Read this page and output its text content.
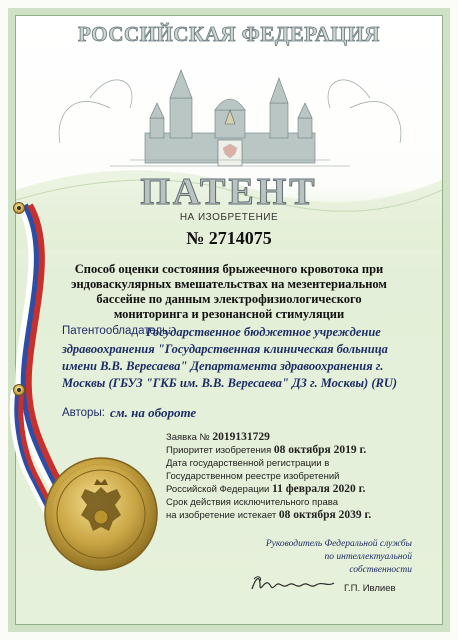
РОССИЙСКАЯ ФЕДЕРАЦИЯ
ПАТЕНТ
НА ИЗОБРЕТЕНИЕ
№ 2714075
Способ оценки состояния брыжеечного кровотока при эндоваскулярных вмешательствах на мезентериальном бассейне по данным электрофизиологического мониторинга и резонансной стимуляции
Патентообладатель:
Государственное бюджетное учреждение здравоохранения "Государственная клиническая больница имени В.В. Вересаева" Департамента здравоохранения г. Москвы (ГБУЗ "ГКБ им. В.В. Вересаева" ДЗ г. Москвы) (RU)
Авторы: см. на обороте
Заявка № 2019131729
Приоритет изобретения 08 октября 2019 г.
Дата государственной регистрации в
Государственном реестре изобретений
Российской Федерации 11 февраля 2020 г.
Срок действия исключительного права
на изобретение истекает 08 октября 2039 г.
Руководитель Федеральной службы
по интеллектуальной собственности
Г.П. Ивлиев
